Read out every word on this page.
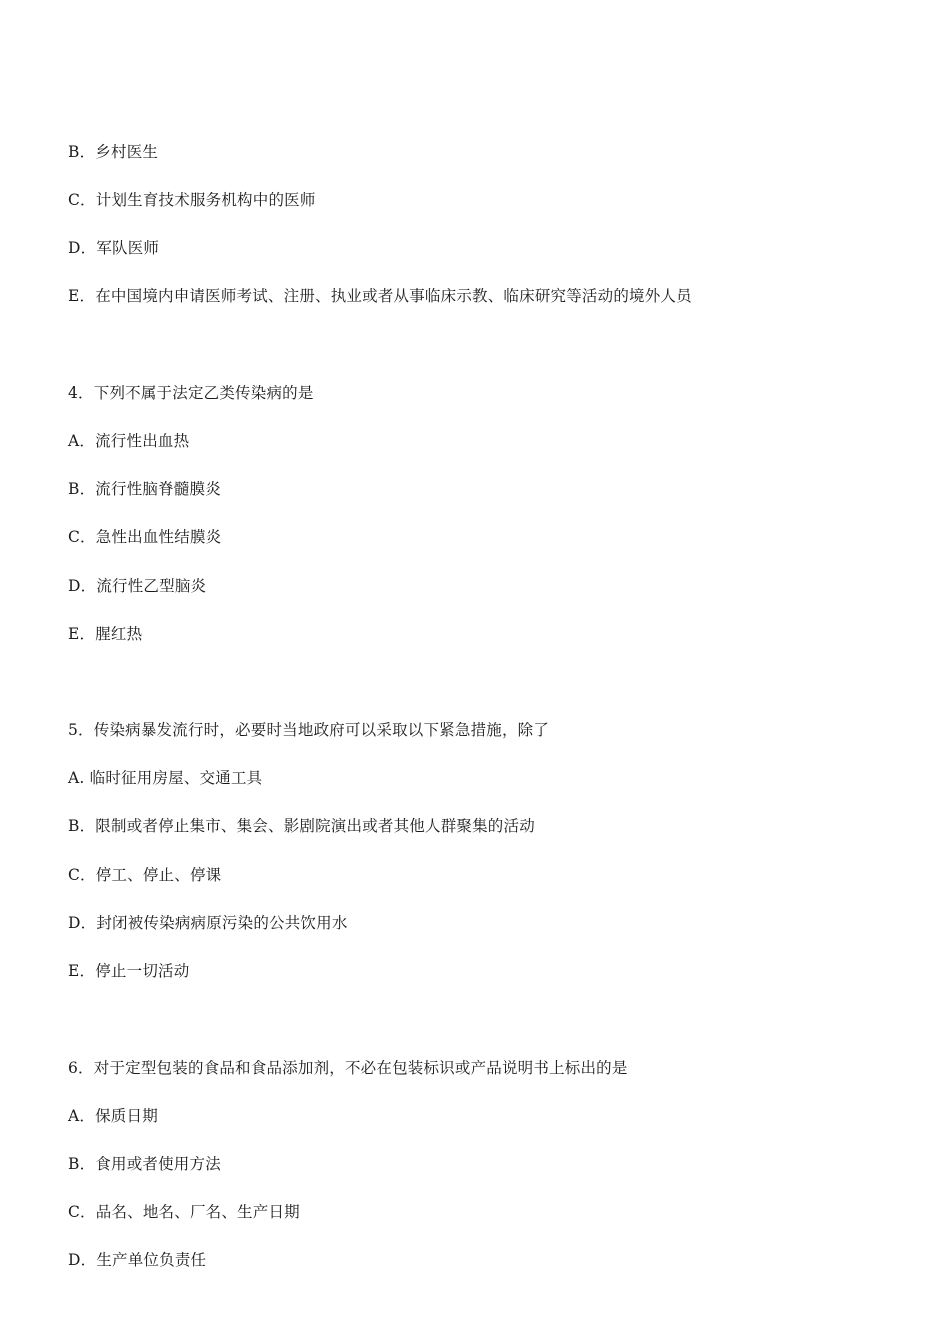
B．乡村医生
C．计划生育技术服务机构中的医师
D．军队医师
E．在中国境内申请医师考试、注册、执业或者从事临床示教、临床研究等活动的境外人员
4．下列不属于法定乙类传染病的是
A．流行性出血热
B．流行性脑脊髓膜炎
C．急性出血性结膜炎
D．流行性乙型脑炎
E．腥红热
5．传染病暴发流行时，必要时当地政府可以采取以下紧急措施，除了
A. 临时征用房屋、交通工具
B．限制或者停止集市、集会、影剧院演出或者其他人群聚集的活动
C．停工、停止、停课
D．封闭被传染病病原污染的公共饮用水
E．停止一切活动
6．对于定型包装的食品和食品添加剂，不必在包装标识或产品说明书上标出的是
A．保质日期
B．食用或者使用方法
C．品名、地名、厂名、生产日期
D．生产单位负责任
